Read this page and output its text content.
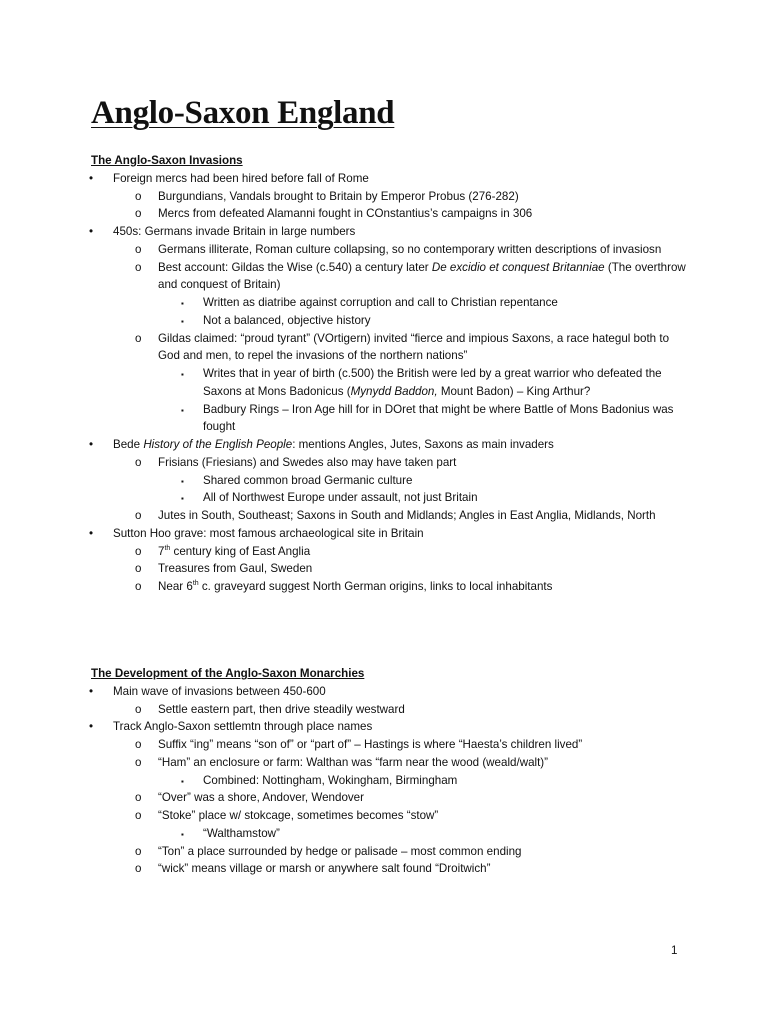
Anglo-Saxon England
The Anglo-Saxon Invasions
• Foreign mercs had been hired before fall of Rome
o Burgundians, Vandals brought to Britain by Emperor Probus (276-282)
o Mercs from defeated Alamanni fought in COnstantius’s campaigns in 306
• 450s: Germans invade Britain in large numbers
o Germans illiterate, Roman culture collapsing, so no contemporary written descriptions of invasiosn
o Best account: Gildas the Wise (c.540) a century later De excidio et conquest Britanniae (The overthrow and conquest of Britain)
▪ Written as diatribe against corruption and call to Christian repentance
▪ Not a balanced, objective history
o Gildas claimed: “proud tyrant” (VOrtigern) invited “fierce and impious Saxons, a race hategul both to God and men, to repel the invasions of the northern nations”
▪ Writes that in year of birth (c.500) the British were led by a great warrior who defeated the Saxons at Mons Badonicus (Mynydd Baddon, Mount Badon) – King Arthur?
▪ Badbury Rings – Iron Age hill for in DOret that might be where Battle of Mons Badonius was fought
• Bede History of the English People: mentions Angles, Jutes, Saxons as main invaders
o Frisians (Friesians) and Swedes also may have taken part
▪ Shared common broad Germanic culture
▪ All of Northwest Europe under assault, not just Britain
o Jutes in South, Southeast; Saxons in South and Midlands; Angles in East Anglia, Midlands, North
• Sutton Hoo grave: most famous archaeological site in Britain
o 7th century king of East Anglia
o Treasures from Gaul, Sweden
o Near 6th c. graveyard suggest North German origins, links to local inhabitants
The Development of the Anglo-Saxon Monarchies
• Main wave of invasions between 450-600
o Settle eastern part, then drive steadily westward
• Track Anglo-Saxon settlemtn through place names
o Suffix “ing” means “son of” or “part of” – Hastings is where “Haesta’s children lived”
o “Ham” an enclosure or farm: Walthan was “farm near the wood (weald/walt)”
▪ Combined: Nottingham, Wokingham, Birmingham
o “Over” was a shore, Andover, Wendover
o “Stoke” place w/ stokcage, sometimes becomes “stow”
▪ “Walthamstow”
o “Ton” a place surrounded by hedge or palisade – most common ending
o “wick” means village or marsh or anywhere salt found “Droitwich”
1
